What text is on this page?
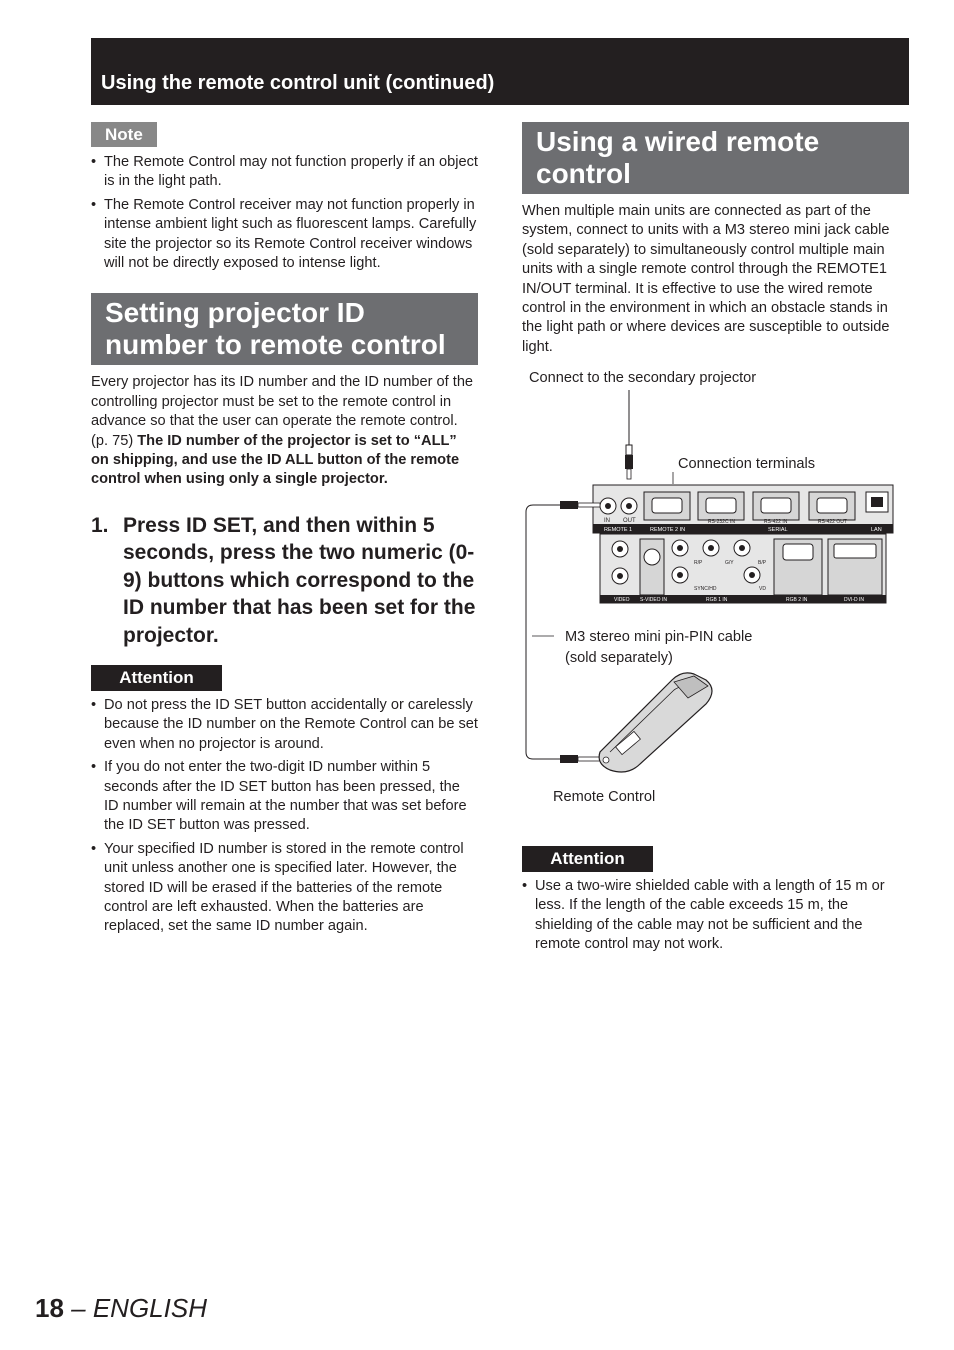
Using the remote control unit (continued)
Note
• The Remote Control may not function properly if an object is in the light path.
• The Remote Control receiver may not function properly in intense ambient light such as fluorescent lamps. Carefully site the projector so its Remote Control receiver windows will not be directly exposed to intense light.
Setting projector ID number to remote control

Every projector has its ID number and the ID number of the controlling projector must be set to the remote control in advance so that the user can operate the remote control. (p. 75) The ID number of the projector is set to “ALL” on shipping, and use the ID ALL button of the remote control when using only a single projector.

1. Press ID SET, and then within 5 seconds, press the two numeric (0-9) buttons which correspond to the ID number that has been set for the projector.
Attention
• Do not press the ID SET button accidentally or carelessly because the ID number on the Remote Control can be set even when no projector is around.
• If you do not enter the two-digit ID number within 5 seconds after the ID SET button has been pressed, the ID number will remain at the number that was set before the ID SET button was pressed.
• Your specified ID number is stored in the remote control unit unless another one is specified later. However, the stored ID will be erased if the batteries of the remote control are left exhausted. When the batteries are replaced, set the same ID number again.
Using a wired remote control

When multiple main units are connected as part of the system, connect to units with a M3 stereo mini jack cable (sold separately) to simultaneously control multiple main units with a single remote control through the REMOTE1 IN/OUT terminal. It is effective to use the wired remote control in the environment in which an obstacle stands in the light path or where devices are susceptible to outside light.

Connect to the secondary projector
Connection terminals
M3 stereo mini pin-PIN cable
(sold separately)
Remote Control
IN OUT
REMOTE 1	REMOTE 2 IN	SERIAL	LAN
RS-232C IN	RS-422 IN	RS-422 OUT
R/P	G/Y	B/P
SYNC/HD	VD
VIDEO S-VIDEO IN	RGB 1 IN	RGB 2 IN	DVI-D IN
Attention
• Use a two-wire shielded cable with a length of 15 m or less. If the length of the cable exceeds 15 m, the shielding of the cable may not be sufficient and the remote control may not work.
18 – ENGLISH
